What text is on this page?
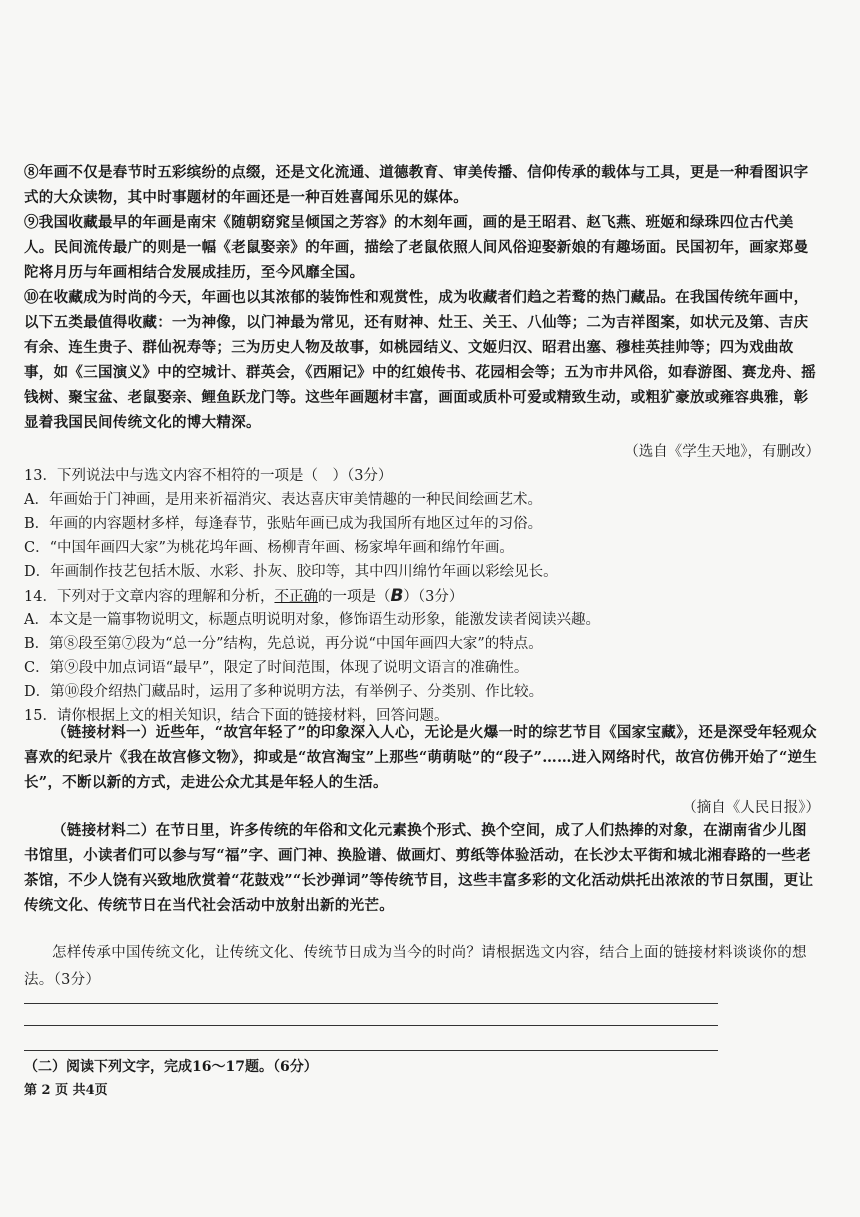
⑧年画不仅是春节时五彩缤纷的点缀，还是文化流通、道德教育、审美传播、信仰传承的载体与工具，更是一种看图识字式的大众读物，其中时事题材的年画还是一种百姓喜闻乐见的媒体。

⑨我国收藏最早的年画是南宋《随朝窈窕呈倾国之芳容》的木刻年画，画的是王昭君、赵飞燕、班姬和绿珠四位古代美人。民间流传最广的则是一幅《老鼠娶亲》的年画，描绘了老鼠依照人间风俗迎娶新娘的有趣场面。民国初年，画家郑曼陀将月历与年画相结合发展成挂历，至今风靡全国。

⑩在收藏成为时尚的今天，年画也以其浓郁的装饰性和观赏性，成为收藏者们趋之若鹜的热门藏品。在我国传统年画中，以下五类最值得收藏：一为神像，以门神最为常见，还有财神、灶王、关王、八仙等；二为吉祥图案，如状元及第、吉庆有余、连生贵子、群仙祝寿等；三为历史人物及故事，如桃园结义、文姬归汉、昭君出塞、穆桂英挂帅等；四为戏曲故事，如《三国演义》中的空城计、群英会，《西厢记》中的红娘传书、花园相会等；五为市井风俗，如春游图、赛龙舟、摇钱树、聚宝盆、老鼠娶亲、鲤鱼跃龙门等。这些年画题材丰富，画面或质朴可爱或精致生动，或粗犷豪放或雍容典雅，彰显着我国民间传统文化的博大精深。

（选自《学生天地》，有删改）

13．下列说法中与选文内容不相符的一项是（　）（3分）

A．年画始于门神画，是用来祈福消灾、表达喜庆审美情趣的一种民间绘画艺术。

B．年画的内容题材多样，每逢春节，张贴年画已成为我国所有地区过年的习俗。

C．“中国年画四大家”为桃花坞年画、杨柳青年画、杨家埠年画和绵竹年画。

D．年画制作技艺包括木版、水彩、扑灰、胶印等，其中四川绵竹年画以彩绘见长。

14．下列对于文章内容的理解和分析，不正确的一项是（B）（3分）

A．本文是一篇事物说明文，标题点明说明对象，修饰语生动形象，能激发读者阅读兴趣。

B．第⑧段至第⑦段为“总一分”结构，先总说，再分说“中国年画四大家”的特点。

C．第⑨段中加点词语“最早”，限定了时间范围，体现了说明文语言的准确性。

D．第⑩段介绍热门藏品时，运用了多种说明方法，有举例子、分类别、作比较。

15．请你根据上文的相关知识，结合下面的链接材料，回答问题。

（链接材料一）近些年，“故宫年轻了”的印象深入人心，无论是火爆一时的综艺节目《国家宝藏》，还是深受年轻观众喜欢的纪录片《我在故宫修文物》，抑或是“故宫淘宝”上那些“萌萌哒”的“段子”……进入网络时代，故宫仿佛开始了“逆生长”，不断以新的方式，走进公众尤其是年轻人的生活。

（摘自《人民日报》）

（链接材料二）在节日里，许多传统的年俗和文化元素换个形式、换个空间，成了人们热捧的对象，在湖南省少儿图书馆里，小读者们可以参与写“福”字、画门神、换脸谱、做画灯、剪纸等体验活动，在长沙太平街和城北湘春路的一些老茶馆，不少人饶有兴致地欣赏着“花鼓戏”“长沙弹词”等传统节目，这些丰富多彩的文化活动烘托出浓浓的节日氛围，更让传统文化、传统节日在当代社会活动中放射出新的光芒。

怎样传承中国传统文化，让传统文化、传统节日成为当今的时尚？请根据选文内容，结合上面的链接材料谈谈你的想法。（3分）

（二）阅读下列文字，完成16～17题。（6分）

第 2 页 共4页
